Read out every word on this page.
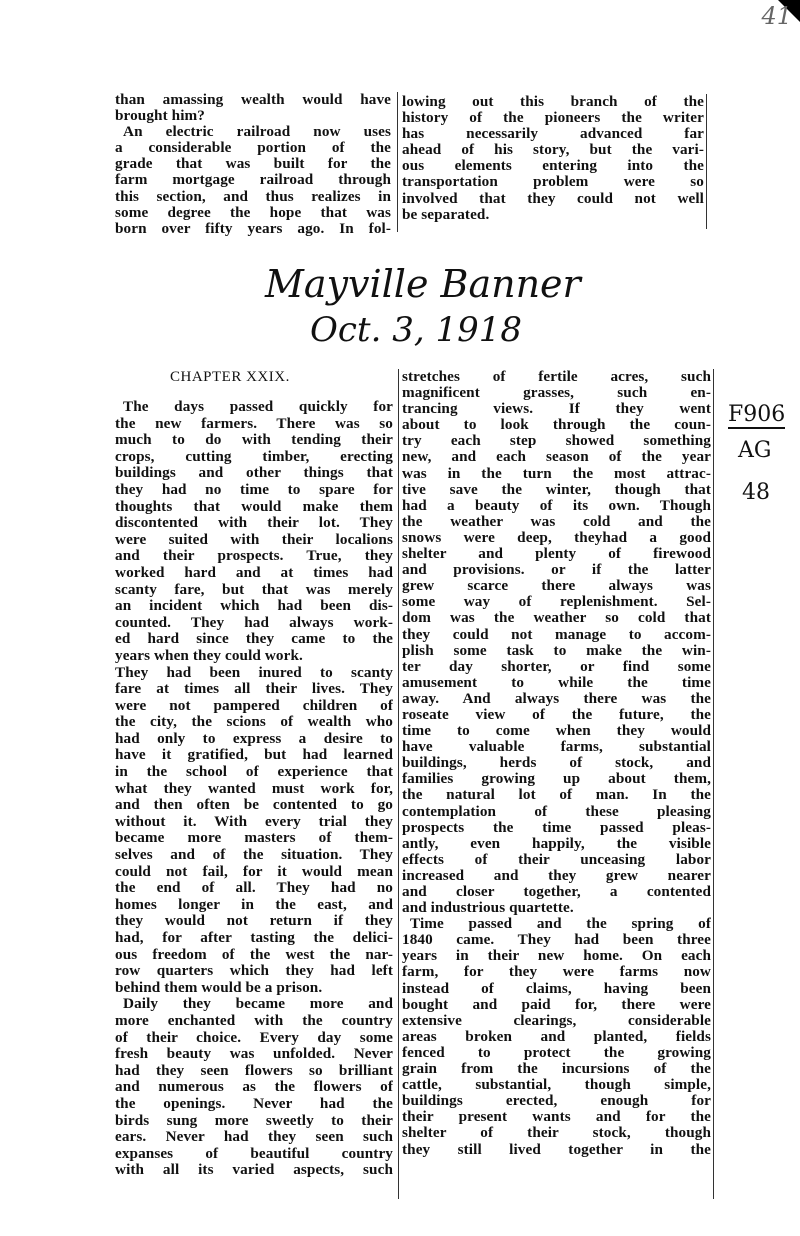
41
than amassing wealth would have
brought him?
An electric railroad now uses
a considerable portion of the
grade that was built for the
farm mortgage railroad through
this section, and thus realizes in
some degree the hope that was
born over fifty years ago. In fol-
lowing out this branch of the
history of the pioneers the writer
has necessarily advanced far
ahead of his story, but the vari-
ous elements entering into the
transportation problem were so
involved that they could not well
be separated.
Mayville Banner
Oct. 3, 1918
F906
AG
48
CHAPTER XXIX.
The days passed quickly for
the new farmers. There was so
much to do with tending their
crops, cutting timber, erecting
buildings and other things that
they had no time to spare for
thoughts that would make them
discontented with their lot. They
were suited with their localions
and their prospects. True, they
worked hard and at times had
scanty fare, but that was merely
an incident which had been dis-
counted. They had always work-
ed hard since they came to the
years when they could work.
They had been inured to scanty
fare at times all their lives. They
were not pampered children of
the city, the scions of wealth who
had only to express a desire to
have it gratified, but had learned
in the school of experience that
what they wanted must work for,
and then often be contented to go
without it. With every trial they
became more masters of them-
selves and of the situation. They
could not fail, for it would mean
the end of all. They had no
homes longer in the east, and
they would not return if they
had, for after tasting the delici-
ous freedom of the west the nar-
row quarters which they had left
behind them would be a prison.
Daily they became more and
more enchanted with the country
of their choice. Every day some
fresh beauty was unfolded. Never
had they seen flowers so brilliant
and numerous as the flowers of
the openings. Never had the
birds sung more sweetly to their
ears. Never had they seen such
expanses of beautiful country
with all its varied aspects, such
stretches of fertile acres, such
magnificent grasses, such en-
trancing views. If they went
about to look through the coun-
try each step showed something
new, and each season of the year
was in the turn the most attrac-
tive save the winter, though that
had a beauty of its own. Though
the weather was cold and the
snows were deep, theyhad a good
shelter and plenty of firewood
and provisions. or if the latter
grew scarce there always was
some way of replenishment. Sel-
dom was the weather so cold that
they could not manage to accom-
plish some task to make the win-
ter day shorter, or find some
amusement to while the time
away. And always there was the
roseate view of the future, the
time to come when they would
have valuable farms, substantial
buildings, herds of stock, and
families growing up about them,
the natural lot of man. In the
contemplation of these pleasing
prospects the time passed pleas-
antly, even happily, the visible
effects of their unceasing labor
increased and they grew nearer
and closer together, a contented
and industrious quartette.
Time passed and the spring of
1840 came. They had been three
years in their new home. On each
farm, for they were farms now
instead of claims, having been
bought and paid for, there were
extensive clearings, considerable
areas broken and planted, fields
fenced to protect the growing
grain from the incursions of the
cattle, substantial, though simple,
buildings erected, enough for
their present wants and for the
shelter of their stock, though
they still lived together in the
